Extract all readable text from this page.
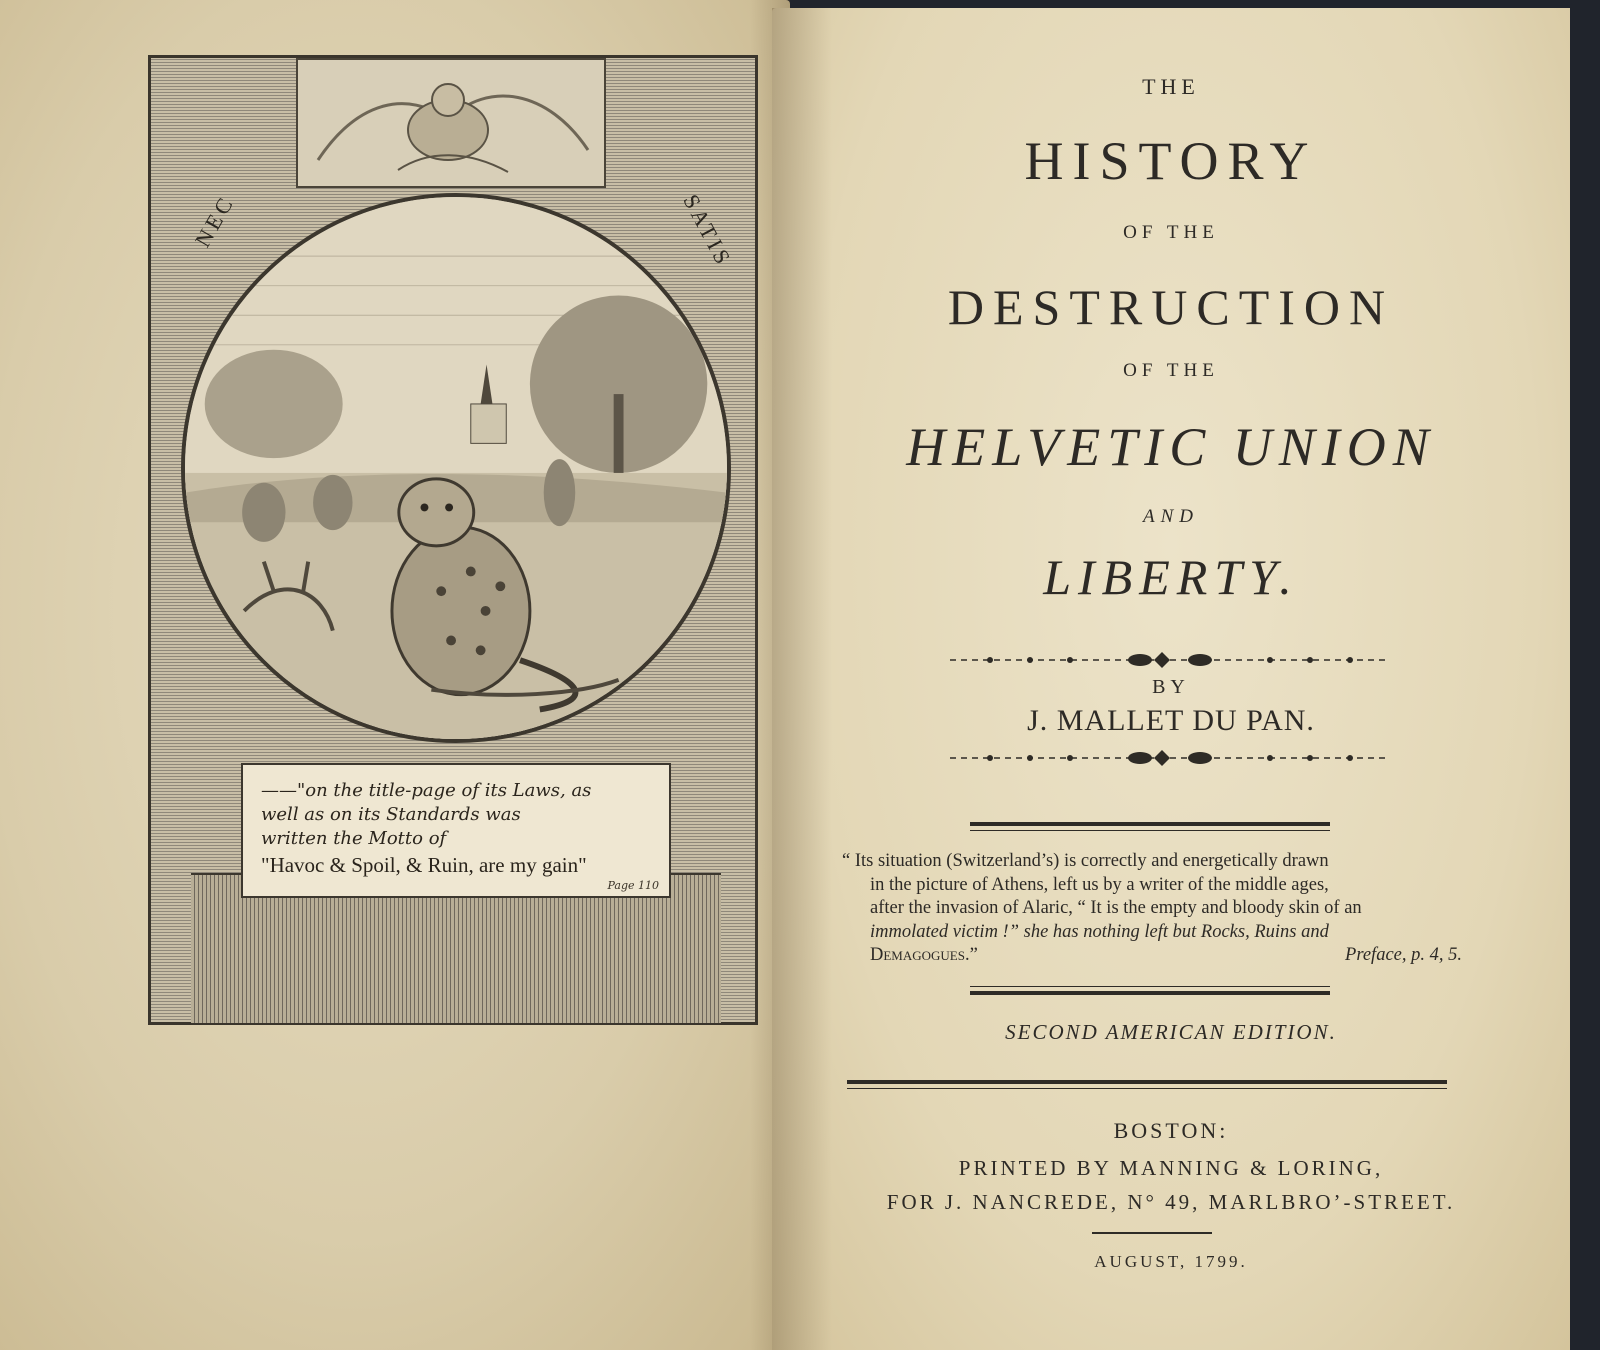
NEC	SATIS
——"on the title-page of its Laws, as
well as on its Standards was
written the Motto of
"Havoc & Spoil, & Ruin, are my gain"
Page 110
THE
HISTORY
OF THE
DESTRUCTION
OF THE
HELVETIC UNION
AND
LIBERTY.
BY
J. MALLET DU PAN.
“ Its situation (Switzerland’s) is correctly and energetically drawn
in the picture of Athens, left us by a writer of the middle ages,
after the invasion of Alaric, “ It is the empty and bloody skin of an
immolated victim !” she has nothing left but Rocks, Ruins and
Demagogues.”	Preface, p. 4, 5.
SECOND AMERICAN EDITION.
BOSTON:
PRINTED BY MANNING & LORING,
FOR J. NANCREDE, N° 49, MARLBRO’-STREET.
AUGUST, 1799.
